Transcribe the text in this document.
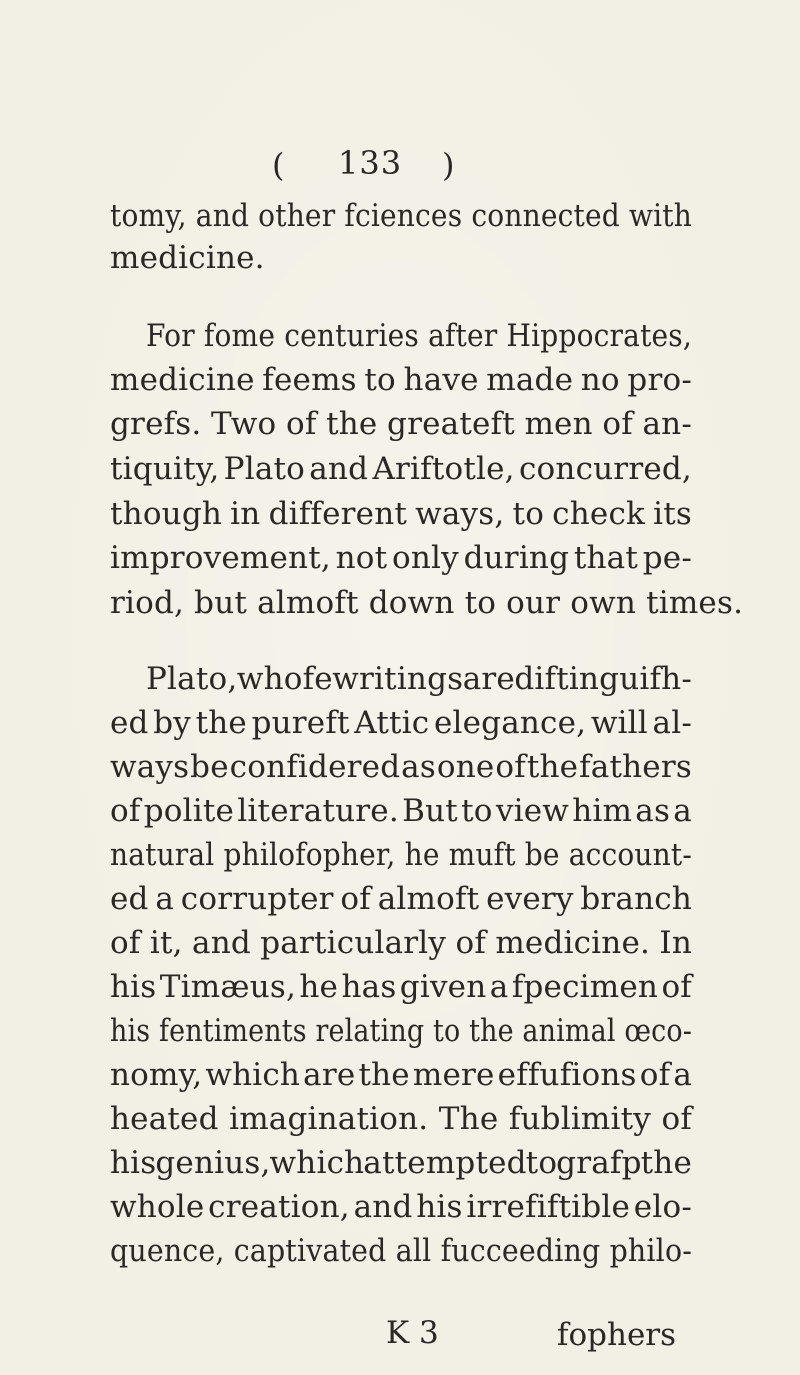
( 133 )
tomy, and other fciences connected with
medicine.
For fome centuries after Hippocrates,
medicine feems to have made no pro-
grefs. Two of the greateft men of an-
tiquity, Plato and Ariftotle, concurred,
though in different ways, to check its
improvement, not only during that pe-
riod, but almoft down to our own times.
Plato, whofe writings are diftinguifh-
ed by the pureft Attic elegance, will al-
ways be confidered as one of the fathers
of polite literature. But to view him as a
natural philofopher, he muft be account-
ed a corrupter of almoft every branch
of it, and particularly of medicine. In
his Timæus, he has given a fpecimen of
his fentiments relating to the animal œco-
nomy, which are the mere effufions of a
heated imagination. The fublimity of
his genius, which attempted to grafp the
whole creation, and his irrefiftible elo-
quence, captivated all fucceeding philo-
K 3	fophers
